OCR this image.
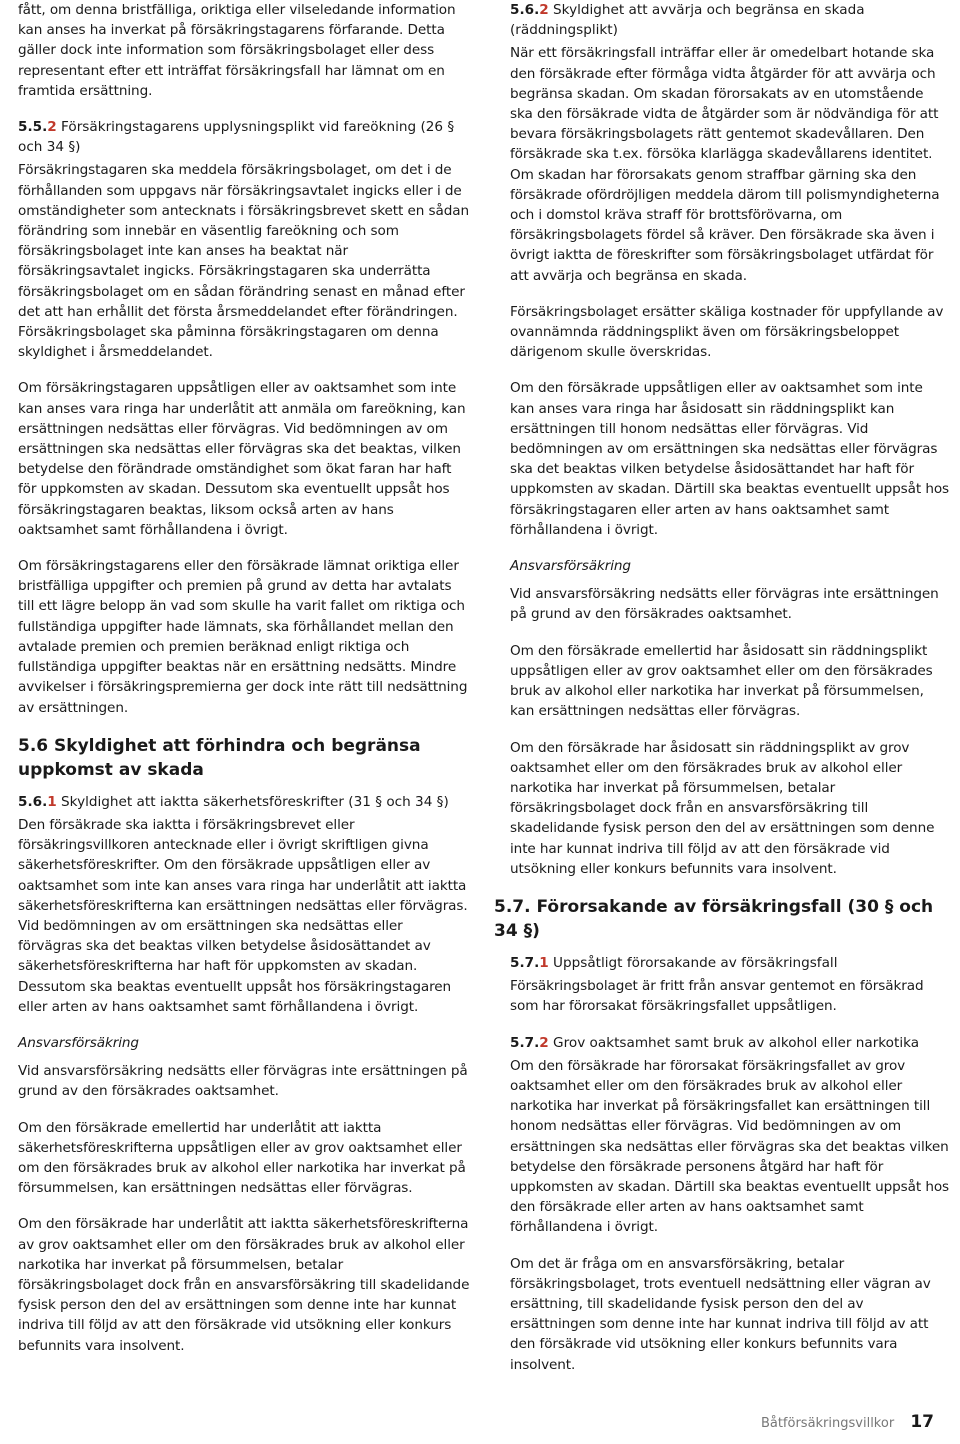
fått, om denna bristfälliga, oriktiga eller vilseledande information kan anses ha inverkat på försäkringstagarens förfarande. Detta gäller dock inte information som försäkringsbolaget eller dess representant efter ett inträffat försäkringsfall har lämnat om en framtida ersättning.

5.5.2 Försäkringstagarens upplysningsplikt vid fareökning (26 § och 34 §)

Försäkringstagaren ska meddela försäkringsbolaget, om det i de förhållanden som uppgavs när försäkringsavtalet ingicks eller i de omständigheter som antecknats i försäkringsbrevet skett en sådan förändring som innebär en väsentlig fareökning och som försäkringsbolaget inte kan anses ha beaktat när försäkringsavtalet ingicks. Försäkringstagaren ska underrätta försäkringsbolaget om en sådan förändring senast en månad efter det att han erhållit det första årsmeddelandet efter förändringen. Försäkringsbolaget ska påminna försäkringstagaren om denna skyldighet i årsmeddelandet.

Om försäkringstagaren uppsåtligen eller av oaktsamhet som inte kan anses vara ringa har underlåtit att anmäla om fareökning, kan ersättningen nedsättas eller förvägras. Vid bedömningen av om ersättningen ska nedsättas eller förvägras ska det beaktas, vilken betydelse den förändrade omständighet som ökat faran har haft för uppkomsten av skadan. Dessutom ska eventuellt uppsåt hos försäkringstagaren beaktas, liksom också arten av hans oaktsamhet samt förhållandena i övrigt.

Om försäkringstagarens eller den försäkrade lämnat oriktiga eller bristfälliga uppgifter och premien på grund av detta har avtalats till ett lägre belopp än vad som skulle ha varit fallet om riktiga och fullständiga uppgifter hade lämnats, ska förhållandet mellan den avtalade premien och premien beräknad enligt riktiga och fullständiga uppgifter beaktas när en ersättning nedsätts. Mindre avvikelser i försäkringspremierna ger dock inte rätt till nedsättning av ersättningen.

5.6 Skyldighet att förhindra och begränsa uppkomst av skada
5.6.1 Skyldighet att iaktta säkerhetsföreskrifter (31 § och 34 §)

Den försäkrade ska iaktta i försäkringsbrevet eller försäkringsvillkoren antecknade eller i övrigt skriftligen givna säkerhetsföreskrifter. Om den försäkrade uppsåtligen eller av oaktsamhet som inte kan anses vara ringa har underlåtit att iaktta säkerhetsföreskrifterna kan ersättningen nedsättas eller förvägras. Vid bedömningen av om ersättningen ska nedsättas eller förvägras ska det beaktas vilken betydelse åsidosättandet av säkerhetsföreskrifterna har haft för uppkomsten av skadan. Dessutom ska beaktas eventuellt uppsåt hos försäkringstagaren eller arten av hans oaktsamhet samt förhållandena i övrigt.

Ansvarsförsäkring

Vid ansvarsförsäkring nedsätts eller förvägras inte ersättningen på grund av den försäkrades oaktsamhet.

Om den försäkrade emellertid har underlåtit att iaktta säkerhetsföreskrifterna uppsåtligen eller av grov oaktsamhet eller om den försäkrades bruk av alkohol eller narkotika har inverkat på försummelsen, kan ersättningen nedsättas eller förvägras.

Om den försäkrade har underlåtit att iaktta säkerhetsföreskrifterna av grov oaktsamhet eller om den försäkrades bruk av alkohol eller narkotika har inverkat på försummelsen, betalar försäkringsbolaget dock från en ansvarsförsäkring till skadelidande fysisk person den del av ersättningen som denne inte har kunnat indriva till följd av att den försäkrade vid utsökning eller konkurs befunnits vara insolvent.

5.6.2 Skyldighet att avvärja och begränsa en skada (räddningsplikt)

När ett försäkringsfall inträffar eller är omedelbart hotande ska den försäkrade efter förmåga vidta åtgärder för att avvärja och begränsa skadan. Om skadan förorsakats av en utomstående ska den försäkrade vidta de åtgärder som är nödvändiga för att bevara försäkringsbolagets rätt gentemot skadevållaren. Den försäkrade ska t.ex. försöka klarlägga skadevållarens identitet. Om skadan har förorsakats genom straffbar gärning ska den försäkrade ofördröjligen meddela därom till polismyndigheterna och i domstol kräva straff för brottsförövarna, om försäkringsbolagets fördel så kräver. Den försäkrade ska även i övrigt iaktta de föreskrifter som försäkringsbolaget utfärdat för att avvärja och begränsa en skada.

Försäkringsbolaget ersätter skäliga kostnader för uppfyllande av ovannämnda räddningsplikt även om försäkringsbeloppet därigenom skulle överskridas.

Om den försäkrade uppsåtligen eller av oaktsamhet som inte kan anses vara ringa har åsidosatt sin räddningsplikt kan ersättningen till honom nedsättas eller förvägras. Vid bedömningen av om ersättningen ska nedsättas eller förvägras ska det beaktas vilken betydelse åsidosättandet har haft för uppkomsten av skadan. Därtill ska beaktas eventuellt uppsåt hos försäkringstagaren eller arten av hans oaktsamhet samt förhållandena i övrigt.

Ansvarsförsäkring

Vid ansvarsförsäkring nedsätts eller förvägras inte ersättningen på grund av den försäkrades oaktsamhet.

Om den försäkrade emellertid har åsidosatt sin räddningsplikt uppsåtligen eller av grov oaktsamhet eller om den försäkrades bruk av alkohol eller narkotika har inverkat på försummelsen, kan ersättningen nedsättas eller förvägras.

Om den försäkrade har åsidosatt sin räddningsplikt av grov oaktsamhet eller om den försäkrades bruk av alkohol eller narkotika har inverkat på försummelsen, betalar försäkringsbolaget dock från en ansvarsförsäkring till skadelidande fysisk person den del av ersättningen som denne inte har kunnat indriva till följd av att den försäkrade vid utsökning eller konkurs befunnits vara insolvent.

5.7. Förorsakande av försäkringsfall (30 § och 34 §)
5.7.1 Uppsåtligt förorsakande av försäkringsfall

Försäkringsbolaget är fritt från ansvar gentemot en försäkrad som har förorsakat försäkringsfallet uppsåtligen.

5.7.2 Grov oaktsamhet samt bruk av alkohol eller narkotika

Om den försäkrade har förorsakat försäkringsfallet av grov oaktsamhet eller om den försäkrades bruk av alkohol eller narkotika har inverkat på försäkringsfallet kan ersättningen till honom nedsättas eller förvägras. Vid bedömningen av om ersättningen ska nedsättas eller förvägras ska det beaktas vilken betydelse den försäkrade personens åtgärd har haft för uppkomsten av skadan. Därtill ska beaktas eventuellt uppsåt hos den försäkrade eller arten av hans oaktsamhet samt förhållandena i övrigt.

Om det är fråga om en ansvarsförsäkring, betalar försäkringsbolaget, trots eventuell nedsättning eller vägran av ersättning, till skadelidande fysisk person den del av ersättningen som denne inte har kunnat indriva till följd av att den försäkrade vid utsökning eller konkurs befunnits vara insolvent.

Båtförsäkringsvillkor 17
